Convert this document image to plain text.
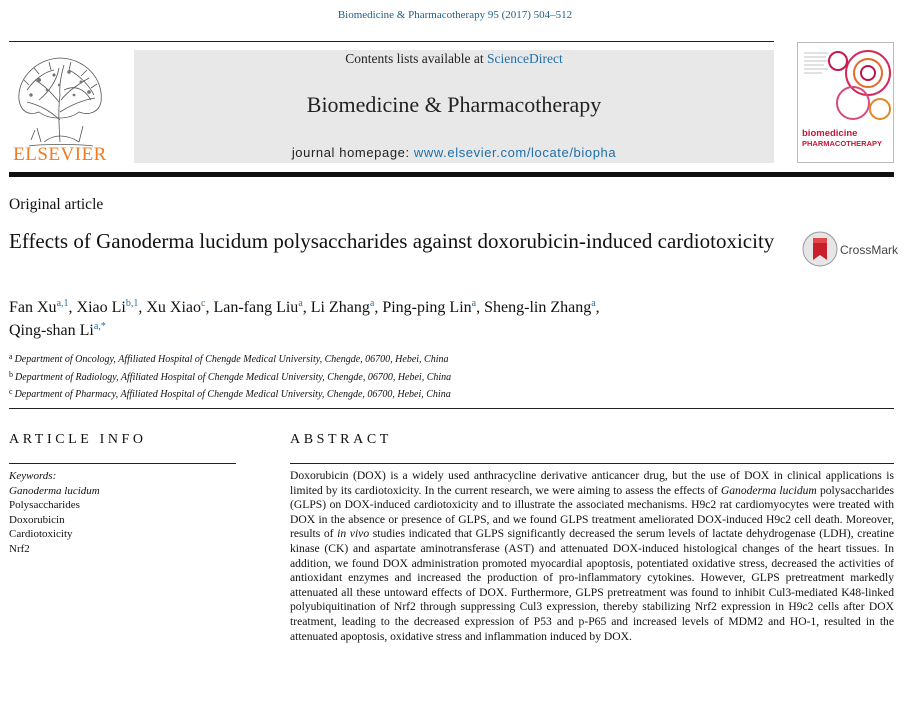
Biomedicine & Pharmacotherapy 95 (2017) 504–512
ELSEVIER
Contents lists available at ScienceDirect
Biomedicine & Pharmacotherapy
journal homepage: www.elsevier.com/locate/biopha
biomedicine
PHARMACOTHERAPY
Original article
Effects of Ganoderma lucidum polysaccharides against doxorubicin-induced cardiotoxicity	CrossMark
Fan Xu$^{a,1}$, Xiao Li$^{b,1}$, Xu Xiao$^c$, Lan-fang Liu$^a$, Li Zhang$^a$, Ping-ping Lin$^a$, Sheng-lin Zhang$^a$,
Qing-shan $Li^{a,*}$
$^a$ Department of Oncology, Affiliated Hospital of Chengde Medical University, Chengde, 06700, Hebei, China
$^b$ Department of Radiology, Affiliated Hospital of Chengde Medical University, Chengde, 06700, Hebei, China
$^c$ Department of Pharmacy, Affiliated Hospital of Chengde Medical University, Chengde, 06700, Hebei, China
ARTICLE INFO
Keywords:
Ganoderma lucidum
Polysaccharides
Doxorubicin
Cardiotoxicity
Nrf2
ABSTRACT

Doxorubicin (DOX) is a widely used anthracycline derivative anticancer drug, but the use of DOX in clinical applications is limited by its cardiotoxicity. In the current research, we were aiming to assess the effects of Ganoderma lucidum polysaccharides (GLPS) on DOX-induced cardiotoxicity and to illustrate the associated mechanisms. H9c2 rat cardiomyocytes were treated with DOX in the absence or presence of GLPS, and we found GLPS treatment ameliorated DOX-induced H9c2 cell death. Moreover, results of in vivo studies indicated that GLPS significantly decreased the serum levels of lactate dehydrogenase (LDH), creatine kinase (CK) and aspartate aminotransferase (AST) and attenuated DOX-induced histological changes of the heart tissues. In addition, we found DOX administration promoted myocardial apoptosis, potentiated oxidative stress, decreased the activities of antioxidant enzymes and increased the production of pro-inflammatory cytokines. However, GLPS pretreatment markedly attenuated all these untoward effects of DOX. Furthermore, GLPS pretreatment was found to inhibit Cul3-mediated K48-linked polyubiquitination of Nrf2 through suppressing Cul3 expression, thereby stabilizing Nrf2 expression in H9c2 cells after DOX treatment, leading to the decreased expression of P53 and p-P65 and increased levels of MDM2 and HO-1, resulted in the attenuated apoptosis, oxidative stress and inflammation induced by DOX.
